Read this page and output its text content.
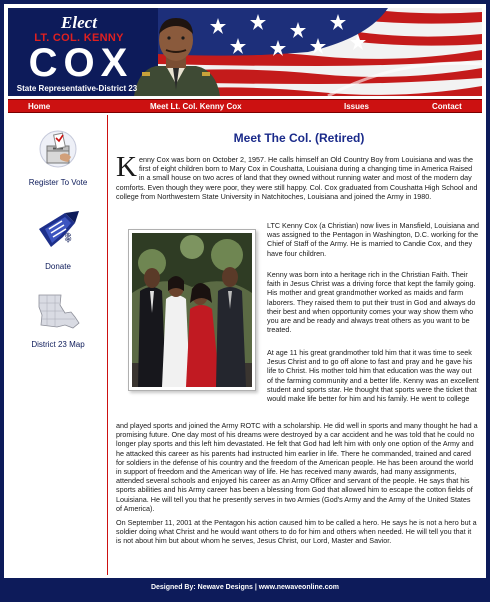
Elect
LT. COL. KENNY
COX
State Representative-District 23
Home	Meet Lt. Col. Kenny Cox	Issues	Contact
Register To Vote
$
Donate
District 23 Map
Meet The Col. (Retired)
Kenny Cox was born on October 2, 1957. He calls himself an Old Country Boy from Louisiana and was the first of eight children born to Mary Cox in Coushatta, Louisiana during a changing time in America Raised in a small house on two acres of land that they owned without running water and most of the modern day comforts. Even though they were poor, they were still happy. Col. Cox graduated from Coushatta High School and college from Northwestern State University in Natchitoches, Louisiana and joined the Army in 1980.
LTC Kenny Cox (a Christian) now lives in Mansfield, Louisiana and was assigned to the Pentagon in Washington, D.C. working for the Chief of Staff of the Army. He is married to Candie Cox, and they have four children.
Kenny was born into a heritage rich in the Christian Faith. Their faith in Jesus Christ was a driving force that kept the family going. His mother and great grandmother worked as maids and farm laborers. They raised them to put their trust in God and always do their best and when opportunity comes your way show them who you are and be ready and always treat others as you want to be treated.
At age 11 his great grandmother told him that it was time to seek Jesus Christ and to go off alone to fast and pray and he gave his life to Christ. His mother told him that education was the way out of the farming community and a better life. Kenny was an excellent student and sports star. He thought that sports were the ticket that would make life better for him and his family. He went to college
and played sports and joined the Army ROTC with a scholarship. He did well in sports and many thought he had a promising future. One day most of his dreams were destroyed by a car accident and he was told that he could no longer play sports and this left him devastated. He felt that God had left him with only one option of the Army and he attacked this career as his parents had instructed him earlier in life. There he commanded, trained and cared for soldiers in the defense of his country and the freedom of the American people. He has been around the world in support of freedom and the American way of life. He has received many awards, had many assignments, attended several schools and enjoyed his career as an Army Officer and servant of the people. He says that his sports abilities and his Army career has been a blessing from God that allowed him to escape the cotton fields of Louisiana. He will tell you that he presently serves in two Armies (God's Army and the Army of the United States of America).
On September 11, 2001 at the Pentagon his action caused him to be called a hero. He says he is not a hero but a soldier doing what Christ and he would want others to do for him and others when needed. He will tell you that it is not about him but about whom he serves, Jesus Christ, our Lord, Master and Savior.
Designed By: Newave Designs | www.newaveonline.com
